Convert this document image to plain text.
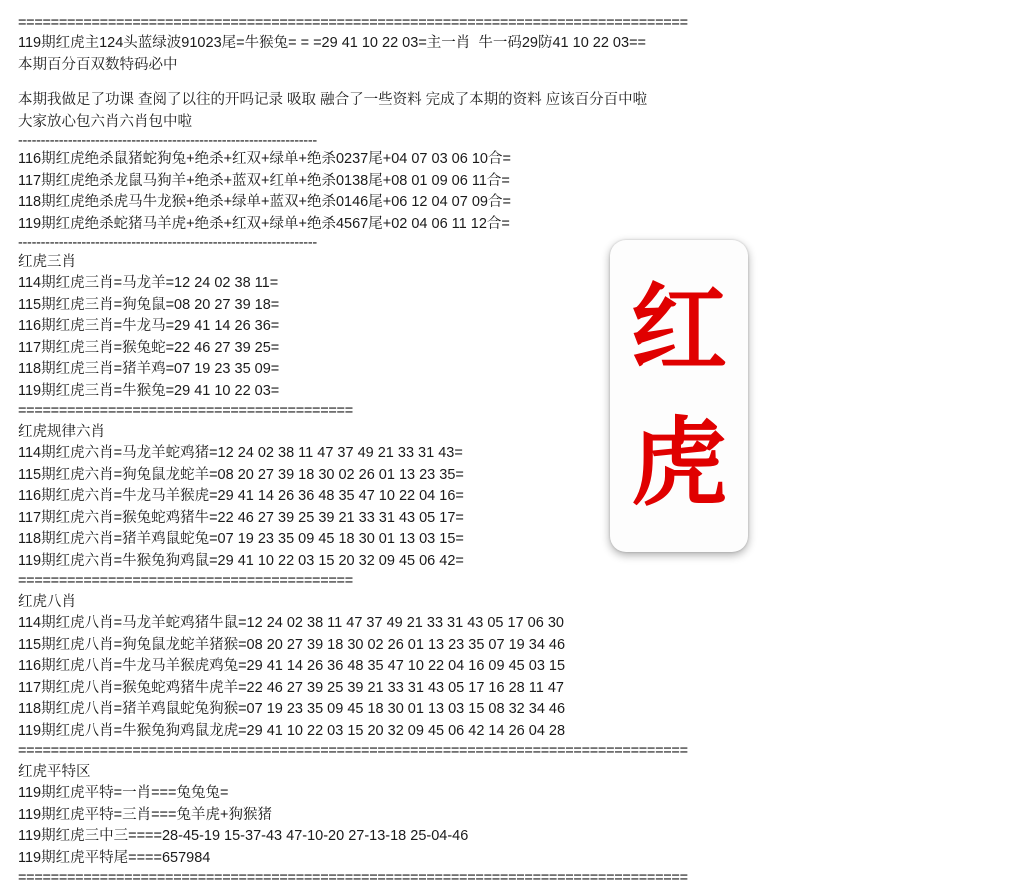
红
虎
==================================================================================
119期红虎主124头蓝绿波91023尾=牛猴兔= = =29 41 10 22 03=主一肖  牛一码29防41 10 22 03==
本期百分百双数特码必中
本期我做足了功课 查阅了以往的开吗记录 吸取 融合了一些资料 完成了本期的资料 应该百分百中啦
大家放心包六肖六肖包中啦
------------------------------------------------------------------
116期红虎绝杀鼠猪蛇狗兔+绝杀+红双+绿单+绝杀0237尾+04 07 03 06 10合=
117期红虎绝杀龙鼠马狗羊+绝杀+蓝双+红单+绝杀0138尾+08 01 09 06 11合=
118期红虎绝杀虎马牛龙猴+绝杀+绿单+蓝双+绝杀0146尾+06 12 04 07 09合=
119期红虎绝杀蛇猪马羊虎+绝杀+红双+绿单+绝杀4567尾+02 04 06 11 12合=
------------------------------------------------------------------
红虎三肖
114期红虎三肖=马龙羊=12 24 02 38 11=
115期红虎三肖=狗兔鼠=08 20 27 39 18=
116期红虎三肖=牛龙马=29 41 14 26 36=
117期红虎三肖=猴兔蛇=22 46 27 39 25=
118期红虎三肖=猪羊鸡=07 19 23 35 09=
119期红虎三肖=牛猴兔=29 41 10 22 03=
=========================================
红虎规律六肖
114期红虎六肖=马龙羊蛇鸡猪=12 24 02 38 11 47 37 49 21 33 31 43=
115期红虎六肖=狗兔鼠龙蛇羊=08 20 27 39 18 30 02 26 01 13 23 35=
116期红虎六肖=牛龙马羊猴虎=29 41 14 26 36 48 35 47 10 22 04 16=
117期红虎六肖=猴兔蛇鸡猪牛=22 46 27 39 25 39 21 33 31 43 05 17=
118期红虎六肖=猪羊鸡鼠蛇兔=07 19 23 35 09 45 18 30 01 13 03 15=
119期红虎六肖=牛猴兔狗鸡鼠=29 41 10 22 03 15 20 32 09 45 06 42=
=========================================
红虎八肖
114期红虎八肖=马龙羊蛇鸡猪牛鼠=12 24 02 38 11 47 37 49 21 33 31 43 05 17 06 30
115期红虎八肖=狗兔鼠龙蛇羊猪猴=08 20 27 39 18 30 02 26 01 13 23 35 07 19 34 46
116期红虎八肖=牛龙马羊猴虎鸡兔=29 41 14 26 36 48 35 47 10 22 04 16 09 45 03 15
117期红虎八肖=猴兔蛇鸡猪牛虎羊=22 46 27 39 25 39 21 33 31 43 05 17 16 28 11 47
118期红虎八肖=猪羊鸡鼠蛇兔狗猴=07 19 23 35 09 45 18 30 01 13 03 15 08 32 34 46
119期红虎八肖=牛猴兔狗鸡鼠龙虎=29 41 10 22 03 15 20 32 09 45 06 42 14 26 04 28
==================================================================================
红虎平特区
119期红虎平特=一肖===兔兔兔=
119期红虎平特=三肖===兔羊虎+狗猴猪
119期红虎三中三====28-45-19 15-37-43 47-10-20 27-13-18 25-04-46
119期红虎平特尾====657984
==================================================================================
